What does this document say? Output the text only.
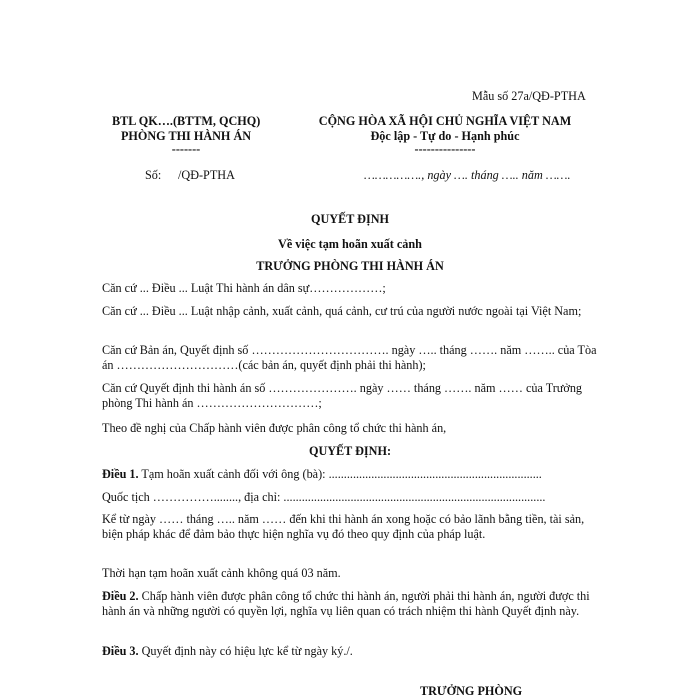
Mẫu số 27a/QĐ-PTHA
BTL QK….(BTTM, QCHQ)
PHÒNG THI HÀNH ÁN
-------
Số: /QĐ-PTHA
CỘNG HÒA XÃ HỘI CHỦ NGHĨA VIỆT NAM
Độc lập - Tự do - Hạnh phúc
---------------
……………., ngày …. tháng ….. năm …….
QUYẾT ĐỊNH
Về việc tạm hoãn xuất cảnh
TRƯỞNG PHÒNG THI HÀNH ÁN
Căn cứ ... Điều ... Luật Thi hành án dân sự………………;
Căn cứ ... Điều ... Luật nhập cảnh, xuất cảnh, quá cảnh, cư trú của người nước ngoài tại Việt Nam;
Căn cứ Bản án, Quyết định số ……………………………. ngày ….. tháng ……. năm …….. của Tòa án …………………………(các bản án, quyết định phải thi hành);
Căn cứ Quyết định thi hành án số …………………. ngày …… tháng ……. năm …… của Trưởng phòng Thi hành án …………………………;
Theo đề nghị của Chấp hành viên được phân công tổ chức thi hành án,
QUYẾT ĐỊNH:
Điều 1. Tạm hoãn xuất cảnh đối với ông (bà): ......................................................................
Quốc tịch ……………........, địa chỉ: ......................................................................................
Kể từ ngày …… tháng ….. năm …… đến khi thi hành án xong hoặc có bảo lãnh bằng tiền, tài sản, biện pháp khác để đảm bảo thực hiện nghĩa vụ đó theo quy định của pháp luật.
Thời hạn tạm hoãn xuất cảnh không quá 03 năm.
Điều 2. Chấp hành viên được phân công tổ chức thi hành án, người phải thi hành án, người được thi hành án và những người có quyền lợi, nghĩa vụ liên quan có trách nhiệm thi hành Quyết định này.
Điều 3. Quyết định này có hiệu lực kể từ ngày ký./.
TRƯỞNG PHÒNG
